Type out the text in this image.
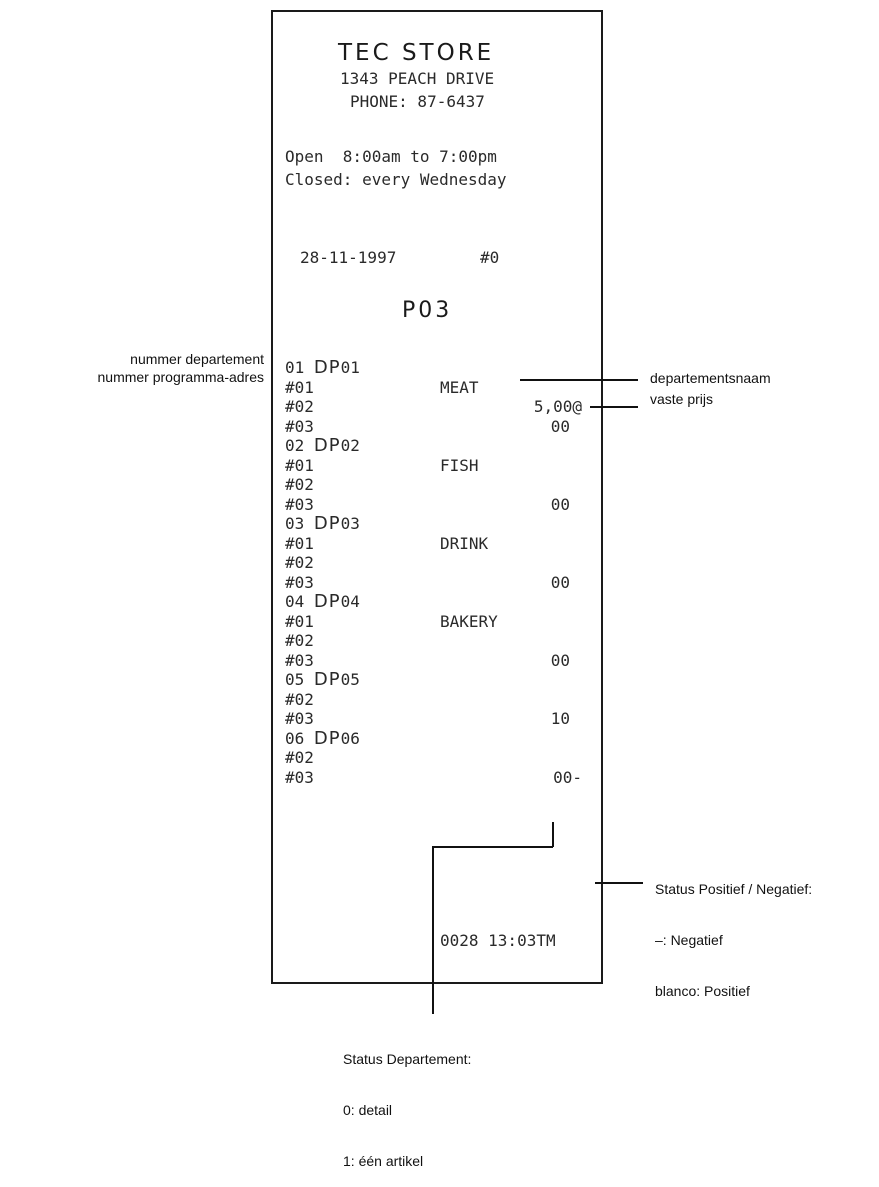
TEC STORE
1343 PEACH DRIVE
PHONE: 87-6437
Open  8:00am to 7:00pm
Closed: every Wednesday
28-11-1997	#0
P03
01 DP01
#01	MEAT
#02	5,00@
#03	00
02 DP02
#01	FISH
#02
#03	00
03 DP03
#01	DRINK
#02
#03	00
04 DP04
#01	BAKERY
#02
#03	00
05 DP05
#02
#03	10
06 DP06
#02
#03	00-
0028 13:03TM
nummer departement
nummer programma-adres	departementsnaam
vaste prijs

Status Positief / Negatief:

–: Negatief

blanco: Positief

Status Departement:

0: detail

1: één artikel
